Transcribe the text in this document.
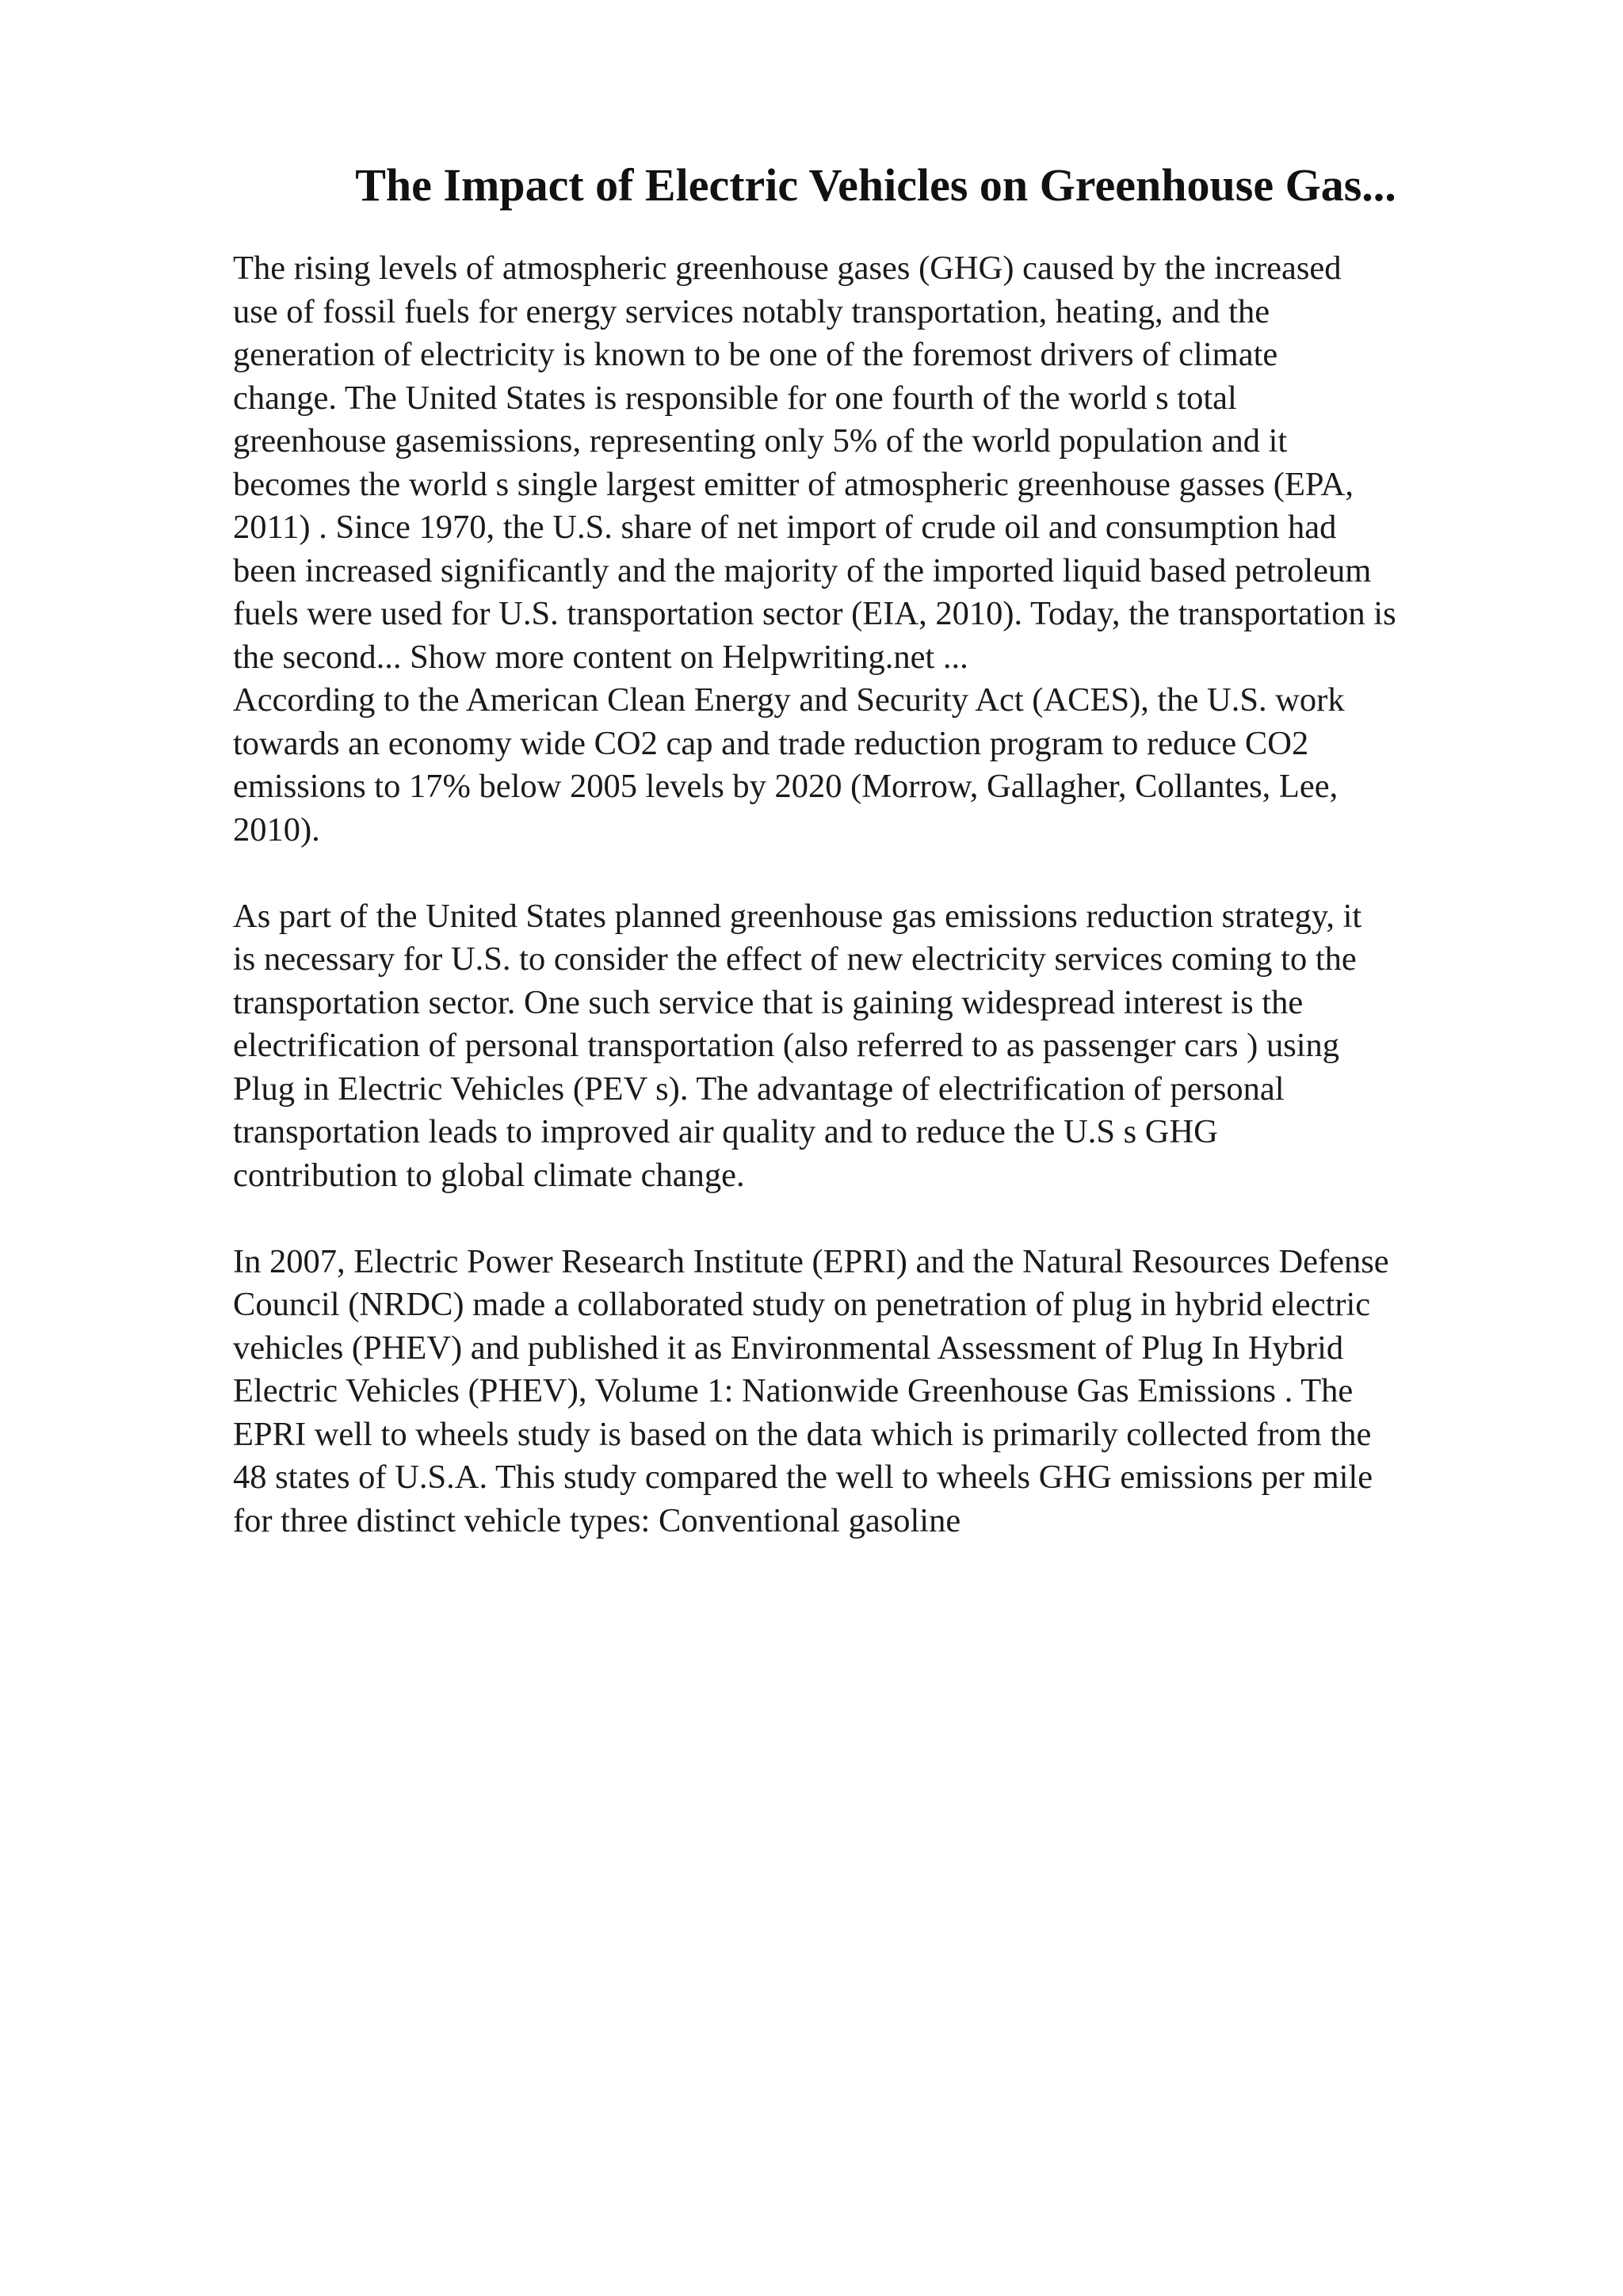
The Impact of Electric Vehicles on Greenhouse Gas...
The rising levels of atmospheric greenhouse gases (GHG) caused by the increased
use of fossil fuels for energy services notably transportation, heating, and the
generation of electricity is known to be one of the foremost drivers of climate
change. The United States is responsible for one fourth of the world s total
greenhouse gasemissions, representing only 5% of the world population and it
becomes the world s single largest emitter of atmospheric greenhouse gasses (EPA,
2011) . Since 1970, the U.S. share of net import of crude oil and consumption had
been increased significantly and the majority of the imported liquid based petroleum
fuels were used for U.S. transportation sector (EIA, 2010). Today, the transportation is
the second... Show more content on Helpwriting.net ...
According to the American Clean Energy and Security Act (ACES), the U.S. work
towards an economy wide CO2 cap and trade reduction program to reduce CO2
emissions to 17% below 2005 levels by 2020 (Morrow, Gallagher, Collantes, Lee,
2010).
As part of the United States planned greenhouse gas emissions reduction strategy, it
is necessary for U.S. to consider the effect of new electricity services coming to the
transportation sector. One such service that is gaining widespread interest is the
electrification of personal transportation (also referred to as passenger cars ) using
Plug in Electric Vehicles (PEV s). The advantage of electrification of personal
transportation leads to improved air quality and to reduce the U.S s GHG
contribution to global climate change.
In 2007, Electric Power Research Institute (EPRI) and the Natural Resources Defense
Council (NRDC) made a collaborated study on penetration of plug in hybrid electric
vehicles (PHEV) and published it as Environmental Assessment of Plug In Hybrid
Electric Vehicles (PHEV), Volume 1: Nationwide Greenhouse Gas Emissions . The
EPRI well to wheels study is based on the data which is primarily collected from the
48 states of U.S.A. This study compared the well to wheels GHG emissions per mile
for three distinct vehicle types: Conventional gasoline
